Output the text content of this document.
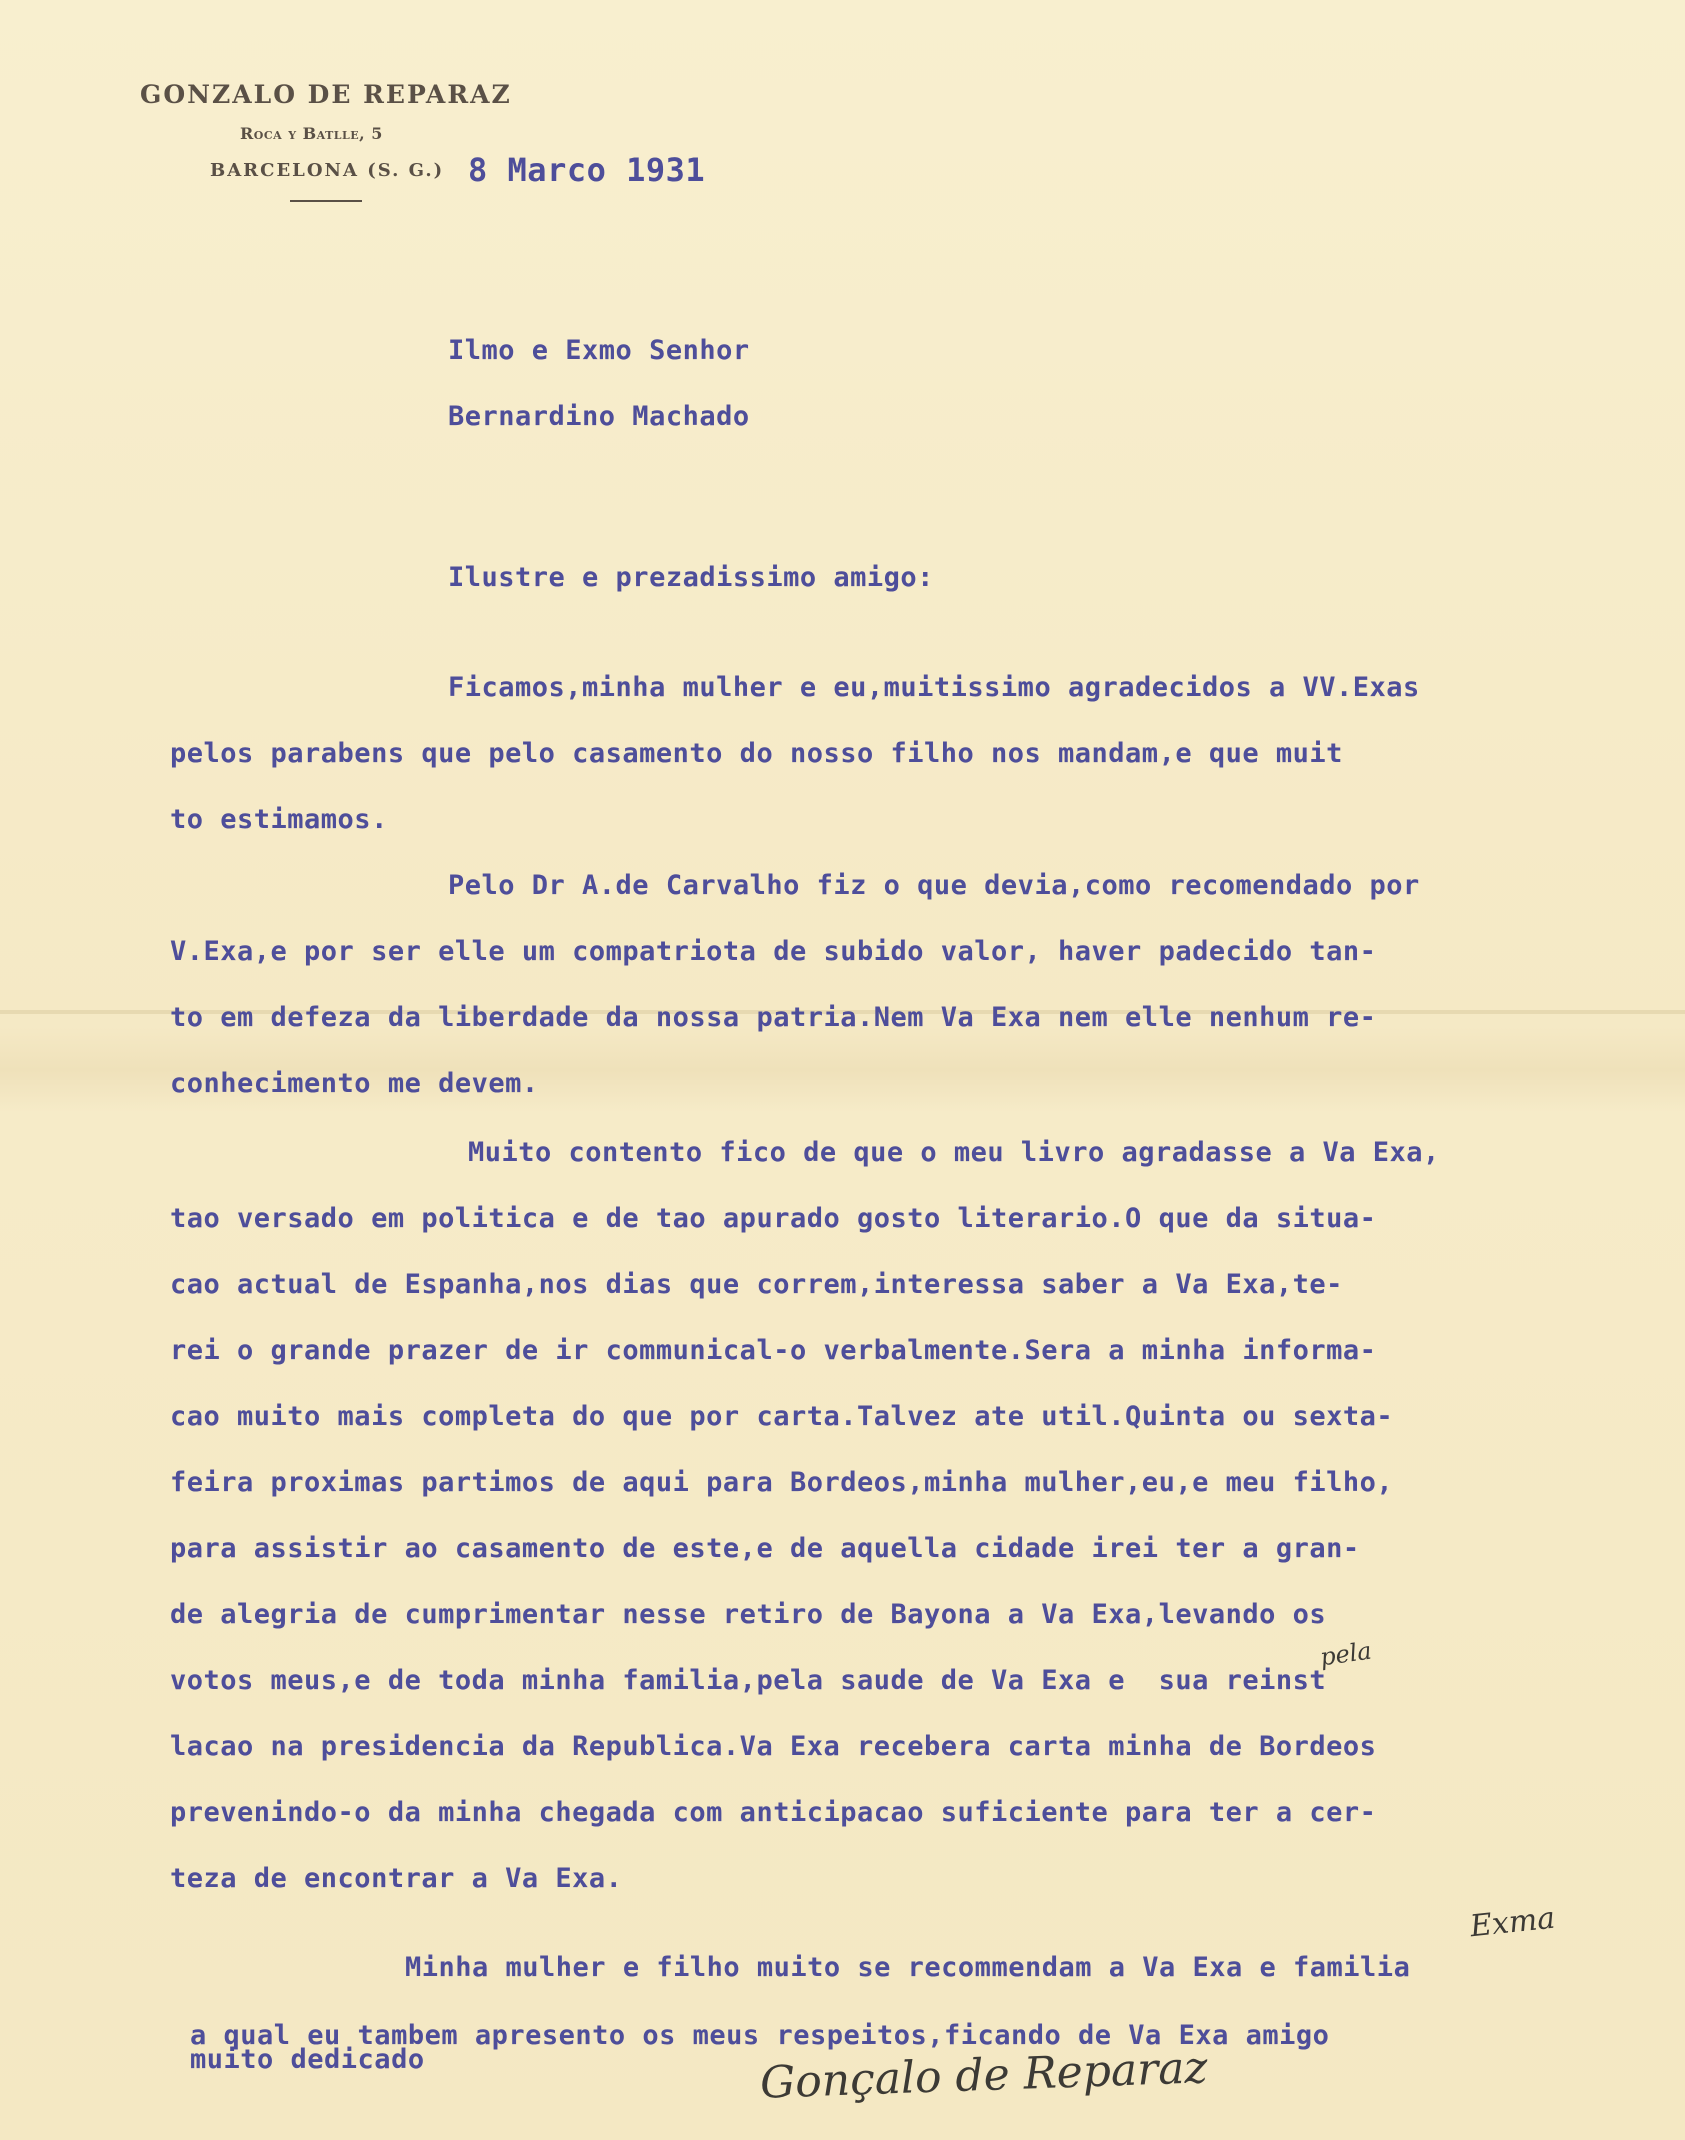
GONZALO DE REPARAZ
Roca y Batlle, 5
BARCELONA (S. G.) 8 Marco 1931
Ilmo e Exmo Senhor
Bernardino Machado
Ilustre e prezadissimo amigo:
Ficamos,minha mulher e eu,muitissimo agradecidos a VV.Exas
pelos parabens que pelo casamento do nosso filho nos mandam,e que muit
to estimamos.
Pelo Dr A.de Carvalho fiz o que devia,como recomendado por
V.Exa,e por ser elle um compatriota de subido valor, haver padecido tan-
to em defeza da liberdade da nossa patria.Nem Va Exa nem elle nenhum re-
conhecimento me devem.
Muito contento fico de que o meu livro agradasse a Va Exa,
tao versado em politica e de tao apurado gosto literario.O que da situa-
cao actual de Espanha,nos dias que correm,interessa saber a Va Exa,te-
rei o grande prazer de ir communical-o verbalmente.Sera a minha informa-
cao muito mais completa do que por carta.Talvez ate util.Quinta ou sexta-
feira proximas partimos de aqui para Bordeos,minha mulher,eu,e meu filho,
para assistir ao casamento de este,e de aquella cidade irei ter a gran-
de alegria de cumprimentar nesse retiro de Bayona a Va Exa,levando os
votos meus,e de toda minha familia,pela saude de Va Exa e  sua reinst
lacao na presidencia da Republica.Va Exa recebera carta minha de Bordeos
prevenindo-o da minha chegada com anticipacao suficiente para ter a cer-
teza de encontrar a Va Exa.
Minha mulher e filho muito se recommendam a Va Exa e familia
a qual eu tambem apresento os meus respeitos,ficando de Va Exa amigo
muito dedicado
pela
Exma
Gonçalo de Reparaz
